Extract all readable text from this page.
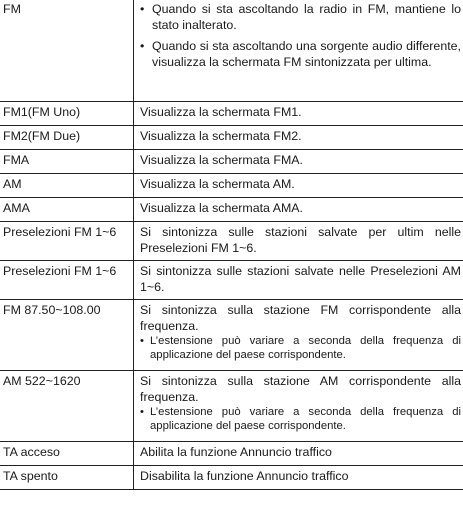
FM	• Quando si sta ascoltando la radio in FM, mantiene lo stato inalterato.
• Quando si sta ascoltando una sorgente audio differente, visualizza la schermata FM sintonizzata per ultima.

FM1(FM Uno)	Visualizza la schermata FM1.
FM2(FM Due)	Visualizza la schermata FM2.
FMA	Visualizza la schermata FMA.
AM	Visualizza la schermata AM.
AMA	Visualizza la schermata AMA.
Preselezioni FM 1~6	Si sintonizza sulle stazioni salvate per ultim nelle Preselezioni FM 1~6.
Preselezioni FM 1~6	Si sintonizza sulle stazioni salvate nelle Preselezioni AM 1~6.
FM 87.50~108.00	Si sintonizza sulla stazione FM corrispondente alla frequenza.
• L’estensione può variare a seconda della frequenza di applicazione del paese corrispondente.

AM 522~1620	Si sintonizza sulla stazione AM corrispondente alla frequenza.
• L’estensione può variare a seconda della frequenza di applicazione del paese corrispondente.

TA acceso	Abilita la funzione Annuncio traffico
TA spento	Disabilita la funzione Annuncio traffico
